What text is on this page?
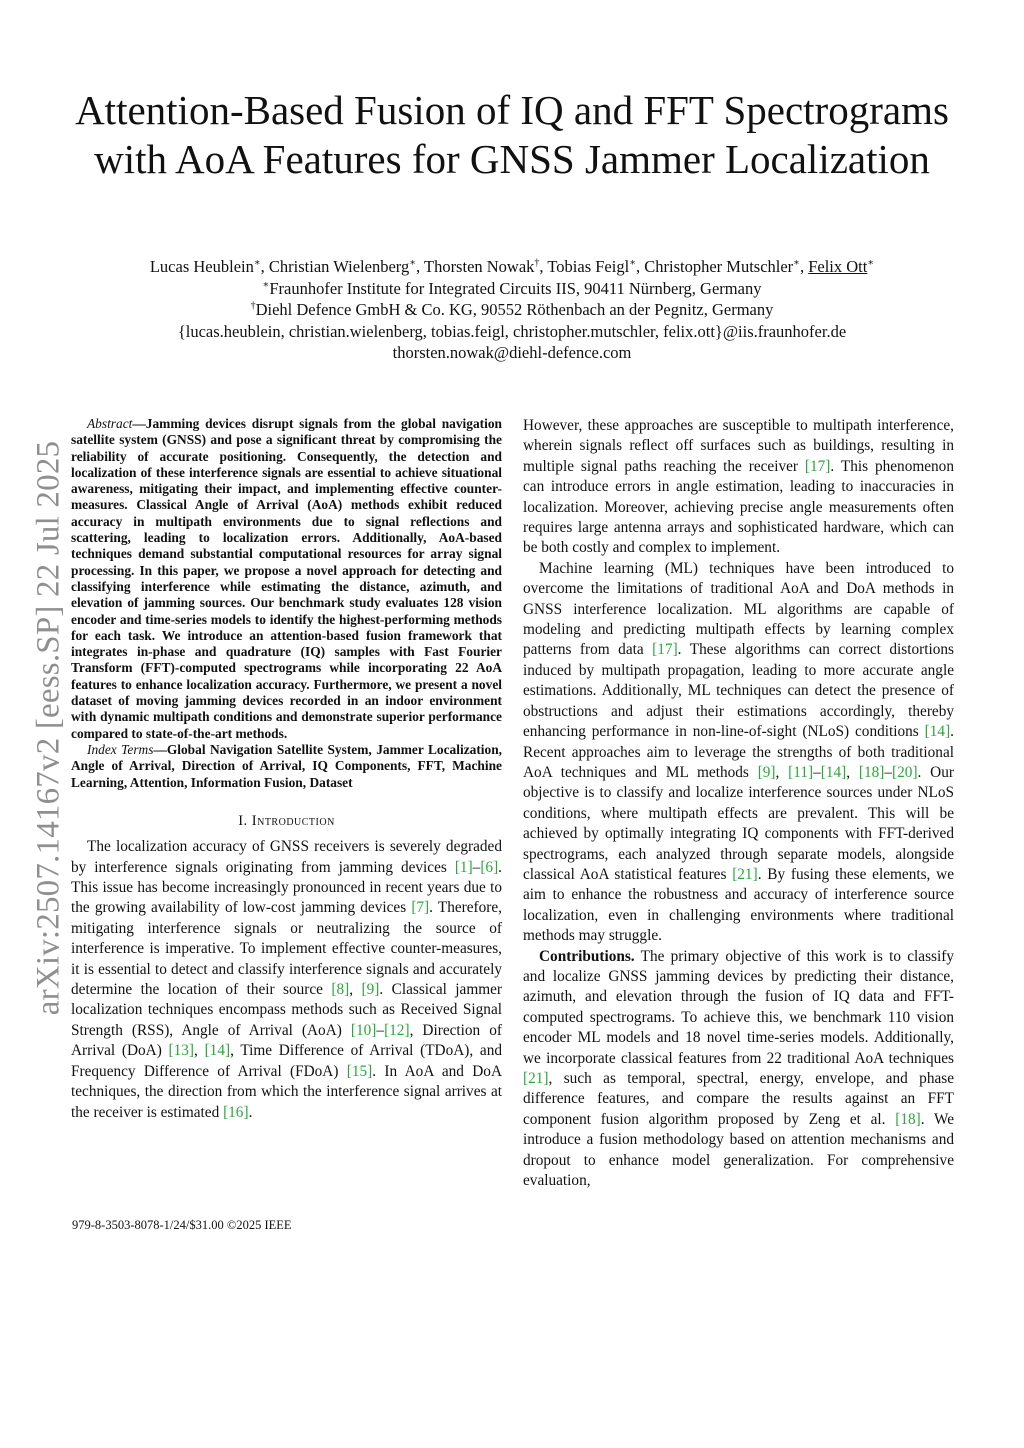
Attention-Based Fusion of IQ and FFT Spectrograms with AoA Features for GNSS Jammer Localization
Lucas Heublein∗, Christian Wielenberg∗, Thorsten Nowak†, Tobias Feigl∗, Christopher Mutschler∗, Felix Ott∗
∗Fraunhofer Institute for Integrated Circuits IIS, 90411 Nürnberg, Germany
†Diehl Defence GmbH & Co. KG, 90552 Röthenbach an der Pegnitz, Germany
{lucas.heublein, christian.wielenberg, tobias.feigl, christopher.mutschler, felix.ott}@iis.fraunhofer.de
thorsten.nowak@diehl-defence.com
arXiv:2507.14167v2 [eess.SP] 22 Jul 2025

Abstract—Jamming devices disrupt signals from the global navigation satellite system (GNSS) and pose a significant threat by compromising the reliability of accurate positioning. Consequently, the detection and localization of these interference signals are essential to achieve situational awareness, mitigating their impact, and implementing effective counter-measures. Classical Angle of Arrival (AoA) methods exhibit reduced accuracy in multipath environments due to signal reflections and scattering, leading to localization errors. Additionally, AoA-based techniques demand substantial computational resources for array signal processing. In this paper, we propose a novel approach for detecting and classifying interference while estimating the distance, azimuth, and elevation of jamming sources. Our benchmark study evaluates 128 vision encoder and time-series models to identify the highest-performing methods for each task. We introduce an attention-based fusion framework that integrates in-phase and quadrature (IQ) samples with Fast Fourier Transform (FFT)-computed spectrograms while incorporating 22 AoA features to enhance localization accuracy. Furthermore, we present a novel dataset of moving jamming devices recorded in an indoor environment with dynamic multipath conditions and demonstrate superior performance compared to state-of-the-art methods.

Index Terms—Global Navigation Satellite System, Jammer Localization, Angle of Arrival, Direction of Arrival, IQ Components, FFT, Machine Learning, Attention, Information Fusion, Dataset

I. Introduction

The localization accuracy of GNSS receivers is severely degraded by interference signals originating from jamming devices [1]–[6]. This issue has become increasingly pronounced in recent years due to the growing availability of low-cost jamming devices [7]. Therefore, mitigating interference signals or neutralizing the source of interference is imperative. To implement effective counter-measures, it is essential to detect and classify interference signals and accurately determine the location of their source [8], [9]. Classical jammer localization techniques encompass methods such as Received Signal Strength (RSS), Angle of Arrival (AoA) [10]–[12], Direction of Arrival (DoA) [13], [14], Time Difference of Arrival (TDoA), and Frequency Difference of Arrival (FDoA) [15]. In AoA and DoA techniques, the direction from which the interference signal arrives at the receiver is estimated [16].

979-8-3503-8078-1/24/$31.00 ©2025 IEEE

However, these approaches are susceptible to multipath interference, wherein signals reflect off surfaces such as buildings, resulting in multiple signal paths reaching the receiver [17]. This phenomenon can introduce errors in angle estimation, leading to inaccuracies in localization. Moreover, achieving precise angle measurements often requires large antenna arrays and sophisticated hardware, which can be both costly and complex to implement.

Machine learning (ML) techniques have been introduced to overcome the limitations of traditional AoA and DoA methods in GNSS interference localization. ML algorithms are capable of modeling and predicting multipath effects by learning complex patterns from data [17]. These algorithms can correct distortions induced by multipath propagation, leading to more accurate angle estimations. Additionally, ML techniques can detect the presence of obstructions and adjust their estimations accordingly, thereby enhancing performance in non-line-of-sight (NLoS) conditions [14]. Recent approaches aim to leverage the strengths of both traditional AoA techniques and ML methods [9], [11]–[14], [18]–[20]. Our objective is to classify and localize interference sources under NLoS conditions, where multipath effects are prevalent. This will be achieved by optimally integrating IQ components with FFT-derived spectrograms, each analyzed through separate models, alongside classical AoA statistical features [21]. By fusing these elements, we aim to enhance the robustness and accuracy of interference source localization, even in challenging environments where traditional methods may struggle.

Contributions. The primary objective of this work is to classify and localize GNSS jamming devices by predicting their distance, azimuth, and elevation through the fusion of IQ data and FFT-computed spectrograms. To achieve this, we benchmark 110 vision encoder ML models and 18 novel time-series models. Additionally, we incorporate classical features from 22 traditional AoA techniques [21], such as temporal, spectral, energy, envelope, and phase difference features, and compare the results against an FFT component fusion algorithm proposed by Zeng et al. [18]. We introduce a fusion methodology based on attention mechanisms and dropout to enhance model generalization. For comprehensive evaluation,
